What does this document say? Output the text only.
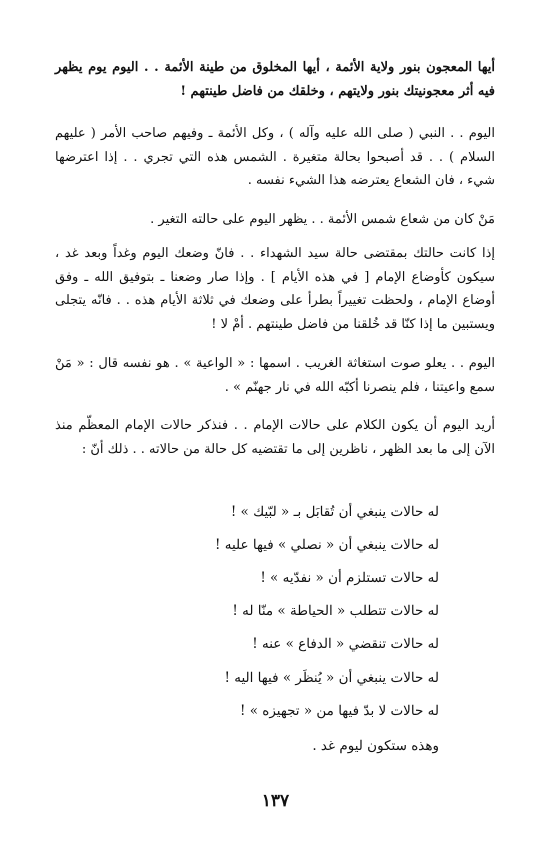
أيها المعجون بنور ولاية الأئمة ، أيها المخلوق من طينة الأئمة . . اليوم يوم يظهر فيه أثر معجونيتك بنور ولايتهم ، وخلقك من فاضل طينتهم !
اليوم . . النبي ( صلى الله عليه وآله ) ، وكل الأئمة ـ وفيهم صاحب الأمر ( عليهم السلام ) . . قد أصبحوا بحالة متغيرة . الشمس هذه التي تجري . . إذا اعترضها شيء ، فان الشعاع يعترضه هذا الشيء نفسه .
مَنْ كان من شعاع شمس الأئمة . . يظهر اليوم على حالته التغير .
إذا كانت حالتك بمقتضى حالة سيد الشهداء . . فانّ وضعك اليوم وغداً وبعد غد ، سيكون كأوضاع الإمام [ في هذه الأيام ] . وإذا صار وضعنا ـ بتوفيق الله ـ وفق أوضاع الإمام ، ولحظت تغييراً بطرأ على وضعك في ثلاثة الأيام هذه . . فانّه يتجلى ويستبين ما إذا كنّا قد خُلقنا من فاضل طينتهم . أمْ لا !
اليوم . . يعلو صوت استغاثة الغريب . اسمها : « الواعية » . هو نفسه قال : « مَنْ سمع واعيتنا ، فلم ينصرنا أكبّه الله في نار جهنّم » .
أريد اليوم أن يكون الكلام على حالات الإمام . . فنذكر حالات الإمام المعظّم منذ الآن إلى ما بعد الظهر ، ناظرين إلى ما تقتضيه كل حالة من حالاته . . ذلك أنّ :
له حالات ينبغي أن تُقابَل بـ « لبّيك » !
له حالات ينبغي أن « نصلي » فيها عليه !
له حالات تستلزم أن « نفدّيه » !
له حالات تتطلب « الحياطة » منّا له !
له حالات تنقضي « الدفاع » عنه !
له حالات ينبغي أن « يُنظَر » فيها اليه !
له حالات لا بدّ فيها من « تجهيزه » !
وهذه ستكون ليوم غد .
١٣٧
